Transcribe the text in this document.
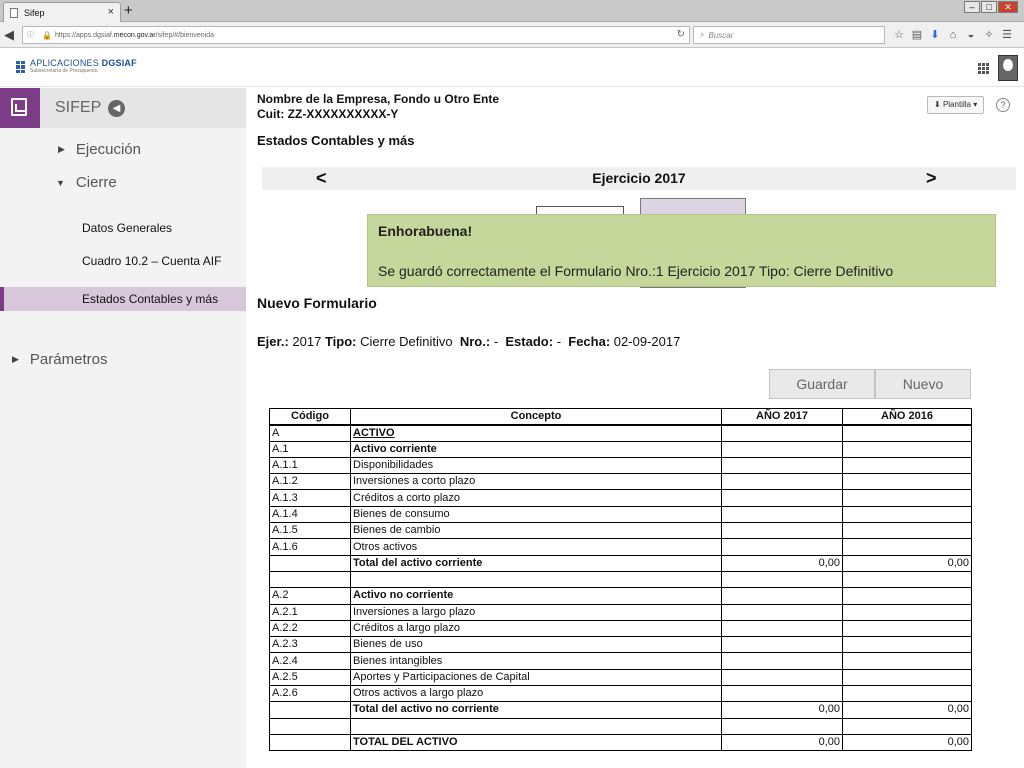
Sifep	× +	–	□	✕
◀ ⓘ 🔒 https://apps.dgsiaf. mecon.gov.ar /sifep/#/bienvenida	↻ ⌕ Buscar	☆ ▤ ⬇ ⌂	◒ ✧ ☰
APLICACIONES DGSIAF
Subsecretaría de Presupuesto
SIFEP	◀
▶ Ejecución
▼ Cierre
Datos Generales
Cuadro 10.2 – Cuenta AIF
Estados Contables y más
▶ Parámetros
Nombre de la Empresa, Fondo u Otro Ente
Cuit: ZZ-XXXXXXXXXX-Y
⬇ Plantilla ▾	?
Estados Contables y más
Ejercicio 2017
<	>
Enhorabuena!
Se guardó correctamente el Formulario Nro.:1 Ejercicio 2017 Tipo: Cierre Definitivo
Nuevo Formulario
Ejer.: 2017 Tipo: Cierre Definitivo Nro.: - Estado: - Fecha: 02-09-2017
Guardar	Nuevo
Código	Concepto	AÑO 2017	AÑO 2016
A	ACTIVO		
A.1	Activo corriente		
A.1.1	Disponibilidades		
A.1.2	Inversiones a corto plazo		
A.1.3	Créditos a corto plazo		
A.1.4	Bienes de consumo		
A.1.5	Bienes de cambio		
A.1.6	Otros activos		
	Total del activo corriente	0,00	0,00

A.2	Activo no corriente		
A.2.1	Inversiones a largo plazo		
A.2.2	Créditos a largo plazo		
A.2.3	Bienes de uso		
A.2.4	Bienes intangibles		
A.2.5	Aportes y Participaciones de Capital		
A.2.6	Otros activos a largo plazo		
	Total del activo no corriente	0,00	0,00

	TOTAL DEL ACTIVO	0,00	0,00
